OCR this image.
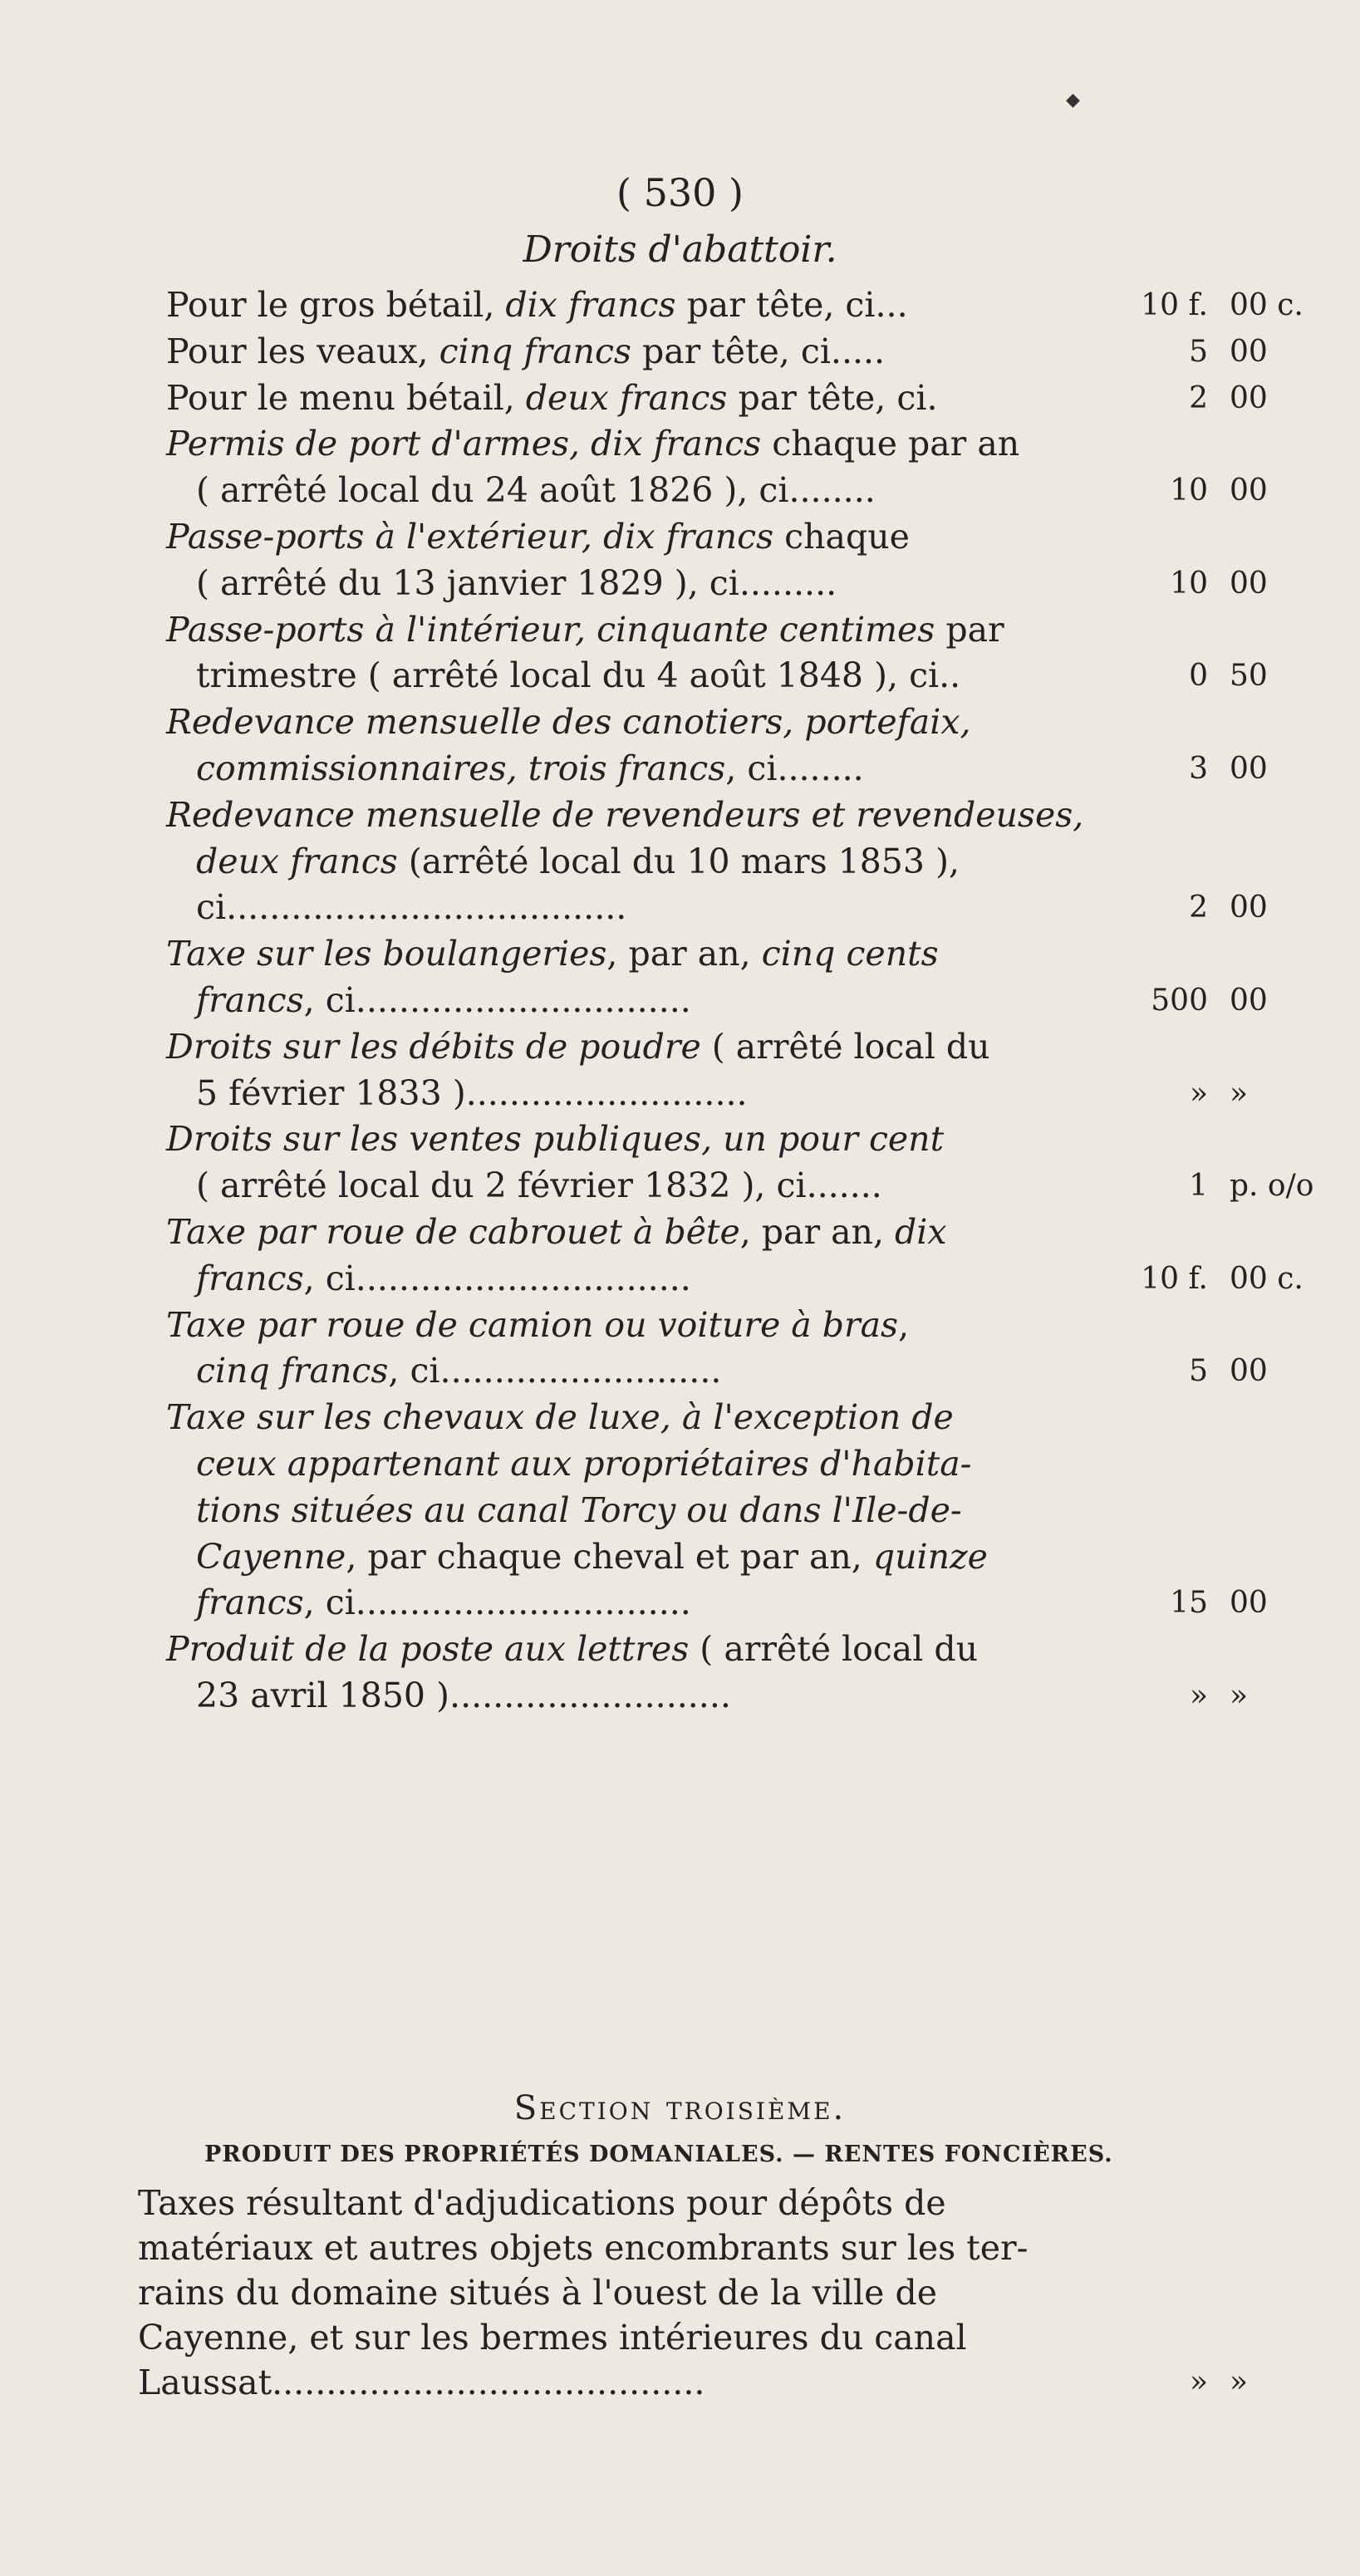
◆
( 530 )
Droits d'abattoir.
Pour le gros bétail, dix francs par tête, ci...	10 f. 00 c.
Pour les veaux, cinq francs par tête, ci.....	5 00
Pour le menu bétail, deux francs par tête, ci.	2 00
Permis de port d'armes, dix francs chaque par an
( arrêté local du 24 août 1826 ), ci........	10 00
Passe-ports à l'extérieur, dix francs chaque
( arrêté du 13 janvier 1829 ), ci.........	10 00
Passe-ports à l'intérieur, cinquante centimes par
trimestre ( arrêté local du 4 août 1848 ), ci..	0 50
Redevance mensuelle des canotiers, portefaix,
commissionnaires, trois francs, ci........	3 00
Redevance mensuelle de revendeurs et revendeuses,
deux francs (arrêté local du 10 mars 1853 ),
ci.....................................	2 00
Taxe sur les boulangeries, par an, cinq cents
francs, ci...............................	500 00
Droits sur les débits de poudre ( arrêté local du
5 février 1833 )..........................	» »
Droits sur les ventes publiques, un pour cent
( arrêté local du 2 février 1832 ), ci.......	1 p. o/o
Taxe par roue de cabrouet à bête, par an, dix
francs, ci...............................	10 f. 00 c.
Taxe par roue de camion ou voiture à bras,
cinq francs, ci..........................	5 00
Taxe sur les chevaux de luxe, à l'exception de
ceux appartenant aux propriétaires d'habita-
tions situées au canal Torcy ou dans l'Ile-de-
Cayenne, par chaque cheval et par an, quinze
francs, ci...............................	15 00
Produit de la poste aux lettres ( arrêté local du
23 avril 1850 )..........................	» »
Section troisième.
PRODUIT DES PROPRIÉTÉS DOMANIALES. — RENTES FONCIÈRES.
Taxes résultant d'adjudications pour dépôts de
matériaux et autres objets encombrants sur les ter-
rains du domaine situés à l'ouest de la ville de
Cayenne, et sur les bermes intérieures du canal
Laussat........................................	» »
